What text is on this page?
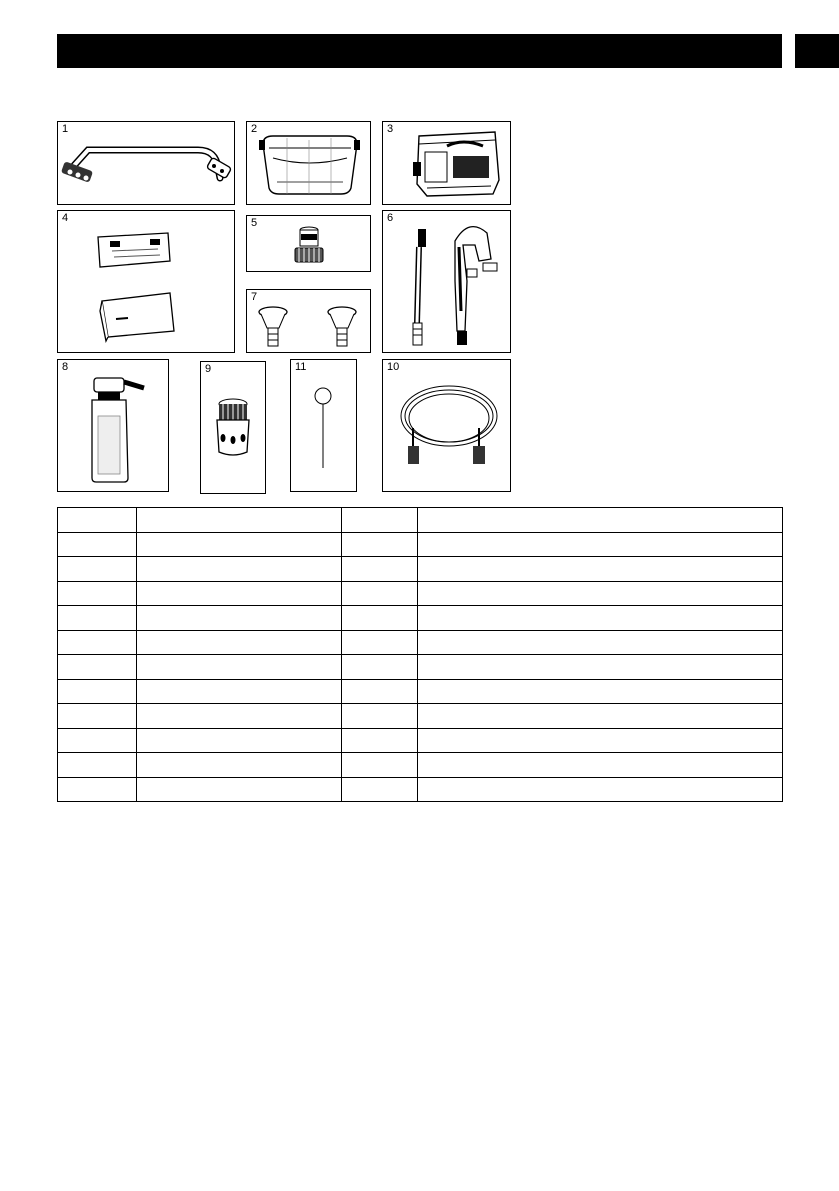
1	2	3
4	5
7
6
8	9	11	10
